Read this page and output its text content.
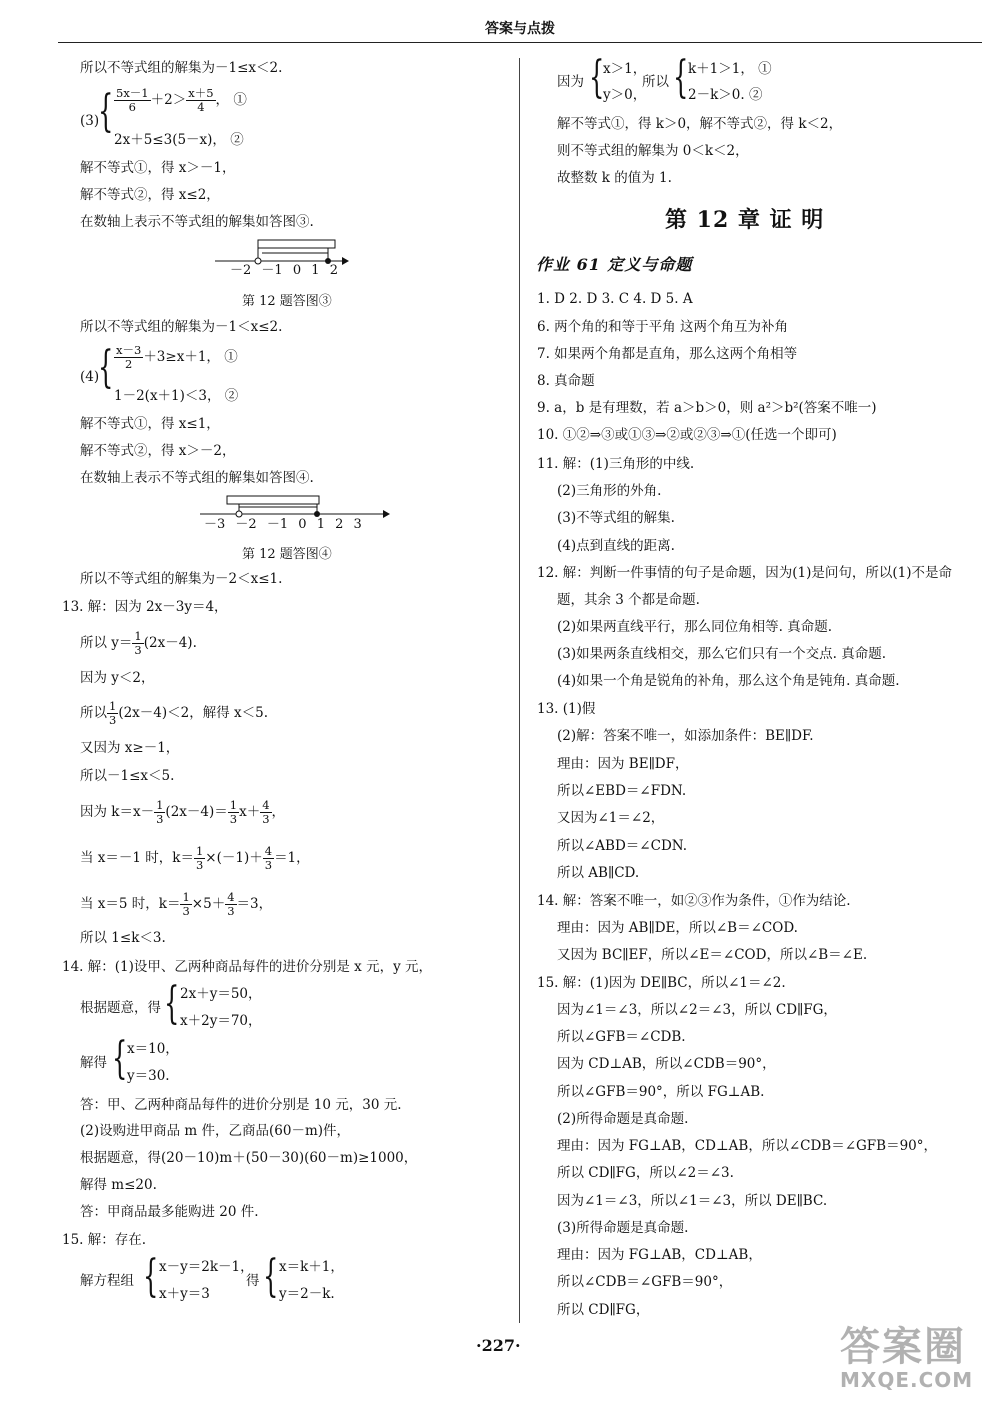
答案与点拨
所以不等式组的解集为－1≤x＜2.
(3)
{ $\frac{5x-1}{6} +2> \frac{x+5}{4}$ ， ①
2x＋5≤3(5－x)， ②
解不等式①，得 x＞－1，
解不等式②，得 x≤2，
在数轴上表示不等式组的解集如答图③.
－2 －1 0 1 2
第 12 题答图③
所以不等式组的解集为－1＜x≤2.
(4)
{ $\frac{x-3}{2} +3\ge x+1$， ①
1－2(x＋1)＜3， ②
解不等式①，得 x≤1，
解不等式②，得 x＞－2，
在数轴上表示不等式组的解集如答图④.
－3 －2 －1 0 1 2 3
第 12 题答图④
所以不等式组的解集为－2＜x≤1.
13. 解：因为 2x－3y＝4，
所以 $y= \frac{1}{3} (2x-4)$.
因为 y＜2，
所以 $\frac{1}{3} (2x-4)<2$，解得 x＜5.
又因为 x≥－1，
所以－1≤x＜5.
因为 $k=x- \frac{1}{3} (2x-4)= \frac{1}{3} x+ \frac{4}{3}$ ，
当 x＝－1 时，$k= \frac{1}{3} \times(-1)+ \frac{4}{3} =1$，
当 x＝5 时，$k= \frac{1}{3} \times 5+ \frac{4}{3} =3$，
所以 1≤k＜3.
14. 解：(1)设甲、乙两种商品每件的进价分别是 x 元，y 元，
根据题意，得 { 2x＋y＝50，
x＋2y＝70，
解得 { x＝10，
y＝30.
答：甲、乙两种商品每件的进价分别是 10 元，30 元.
(2)设购进甲商品 m 件，乙商品(60－m)件，
根据题意，得(20－10)m＋(50－30)(60－m)≥1000，
解得 m≤20.
答：甲商品最多能购进 20 件.
15. 解：存在.
解方程组 { x－y＝2k－1，
x＋y＝3
得 { x＝k＋1，
y＝2－k.
因为 {
x＞1，
y＞0，
所以 { k＋1＞1， ①
2－k＞0. ②
解不等式①，得 k＞0，解不等式②，得 k＜2，
则不等式组的解集为 0＜k＜2，
故整数 k 的值为 1.
第 12 章 证 明
作业 61 定义与命题
1. D 2. D 3. C 4. D 5. A
6. 两个角的和等于平角 这两个角互为补角
7. 如果两个角都是直角，那么这两个角相等
8. 真命题
9. a，b 是有理数，若 a＞b＞0，则 a²＞b²(答案不唯一)
10. ①②⇒③或①③⇒②或②③⇒①(任选一个即可)
11. 解：(1)三角形的中线.
(2)三角形的外角.
(3)不等式组的解集.
(4)点到直线的距离.
12. 解：判断一件事情的句子是命题，因为(1)是问句，所以(1)不是命
题，其余 3 个都是命题.
(2)如果两直线平行，那么同位角相等. 真命题.
(3)如果两条直线相交，那么它们只有一个交点. 真命题.
(4)如果一个角是锐角的补角，那么这个角是钝角. 真命题.
13. (1)假
(2)解：答案不唯一，如添加条件：BE∥DF.
理由：因为 BE∥DF，
所以∠EBD＝∠FDN.
又因为∠1＝∠2，
所以∠ABD＝∠CDN.
所以 AB∥CD.
14. 解：答案不唯一，如②③作为条件，①作为结论.
理由：因为 AB∥DE，所以∠B＝∠COD.
又因为 BC∥EF，所以∠E＝∠COD，所以∠B＝∠E.
15. 解：(1)因为 DE∥BC，所以∠1＝∠2.
因为∠1＝∠3，所以∠2＝∠3，所以 CD∥FG，
所以∠GFB＝∠CDB.
因为 CD⊥AB，所以∠CDB＝90°，
所以∠GFB＝90°，所以 FG⊥AB.
(2)所得命题是真命题.
理由：因为 FG⊥AB，CD⊥AB，所以∠CDB＝∠GFB＝90°，
所以 CD∥FG，所以∠2＝∠3.
因为∠1＝∠3，所以∠1＝∠3，所以 DE∥BC.
(3)所得命题是真命题.
理由：因为 FG⊥AB，CD⊥AB，
所以∠CDB＝∠GFB＝90°，
所以 CD∥FG，
·227·	答案圈
MXQE.COM
